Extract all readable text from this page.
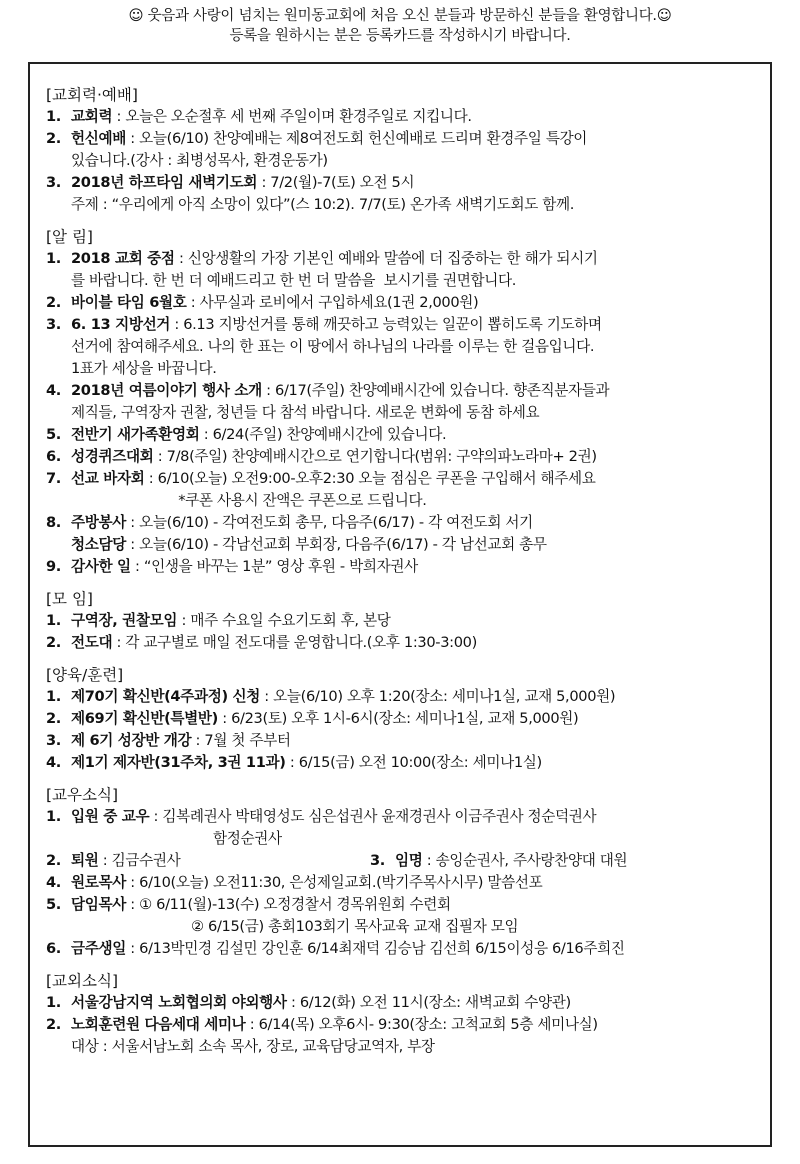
☺ 웃음과 사랑이 넘치는 원미동교회에 처음 오신 분들과 방문하신 분들을 환영합니다.☺
등록을 원하시는 분은 등록카드를 작성하시기 바랍니다.
[교회력·예배]
1. 교회력 : 오늘은 오순절후 세 번째 주일이며 환경주일로 지킵니다.
2. 헌신예배 : 오늘(6/10) 찬양예배는 제8여전도회 헌신예배로 드리며 환경주일 특강이
있습니다.(강사 : 최병성목사, 환경운동가)
3. 2018년 하프타임 새벽기도회 : 7/2(월)-7(토) 오전 5시
주제 : “우리에게 아직 소망이 있다”(스 10:2). 7/7(토) 온가족 새벽기도회도 함께.
[알 림]
1. 2018 교회 중점 : 신앙생활의 가장 기본인 예배와 말씀에 더 집중하는 한 해가 되시기
를 바랍니다. 한 번 더 예배드리고 한 번 더 말씀을  보시기를 권면합니다.
2. 바이블 타임 6월호 : 사무실과 로비에서 구입하세요(1권 2,000원)
3. 6. 13 지방선거 : 6.13 지방선거를 통해 깨끗하고 능력있는 일꾼이 뽑히도록 기도하며
선거에 참여해주세요. 나의 한 표는 이 땅에서 하나님의 나라를 이루는 한 걸음입니다.
1표가 세상을 바꿉니다.
4. 2018년 여름이야기 행사 소개 : 6/17(주일) 찬양예배시간에 있습니다. 향존직분자들과
제직들, 구역장자 권찰, 청년들 다 참석 바랍니다. 새로운 변화에 동참 하세요
5. 전반기 새가족환영회 : 6/24(주일) 찬양예배시간에 있습니다.
6. 성경퀴즈대회 : 7/8(주일) 찬양예배시간으로 연기합니다(범위: 구약의파노라마+ 2권)
7. 선교 바자회 : 6/10(오늘) 오전9:00-오후2:30 오늘 점심은 쿠폰을 구입해서 해주세요
*쿠폰 사용시 잔액은 쿠폰으로 드립니다.
8. 주방봉사 : 오늘(6/10) - 각여전도회 총무, 다음주(6/17) - 각 여전도회 서기
청소담당 : 오늘(6/10) - 각남선교회 부회장, 다음주(6/17) - 각 남선교회 총무
9. 감사한 일 : “인생을 바꾸는 1분” 영상 후원 - 박희자권사
[모 임]
1. 구역장, 권찰모임 : 매주 수요일 수요기도회 후, 본당
2. 전도대 : 각 교구별로 매일 전도대를 운영합니다.(오후 1:30-3:00)
[양육/훈련]
1. 제70기 확신반(4주과정) 신청 : 오늘(6/10) 오후 1:20(장소: 세미나1실, 교재 5,000원)
2. 제69기 확신반(특별반) : 6/23(토) 오후 1시-6시(장소: 세미나1실, 교재 5,000원)
3. 제 6기 성장반 개강 : 7월 첫 주부터
4. 제1기 제자반(31주차, 3권 11과) : 6/15(금) 오전 10:00(장소: 세미나1실)
[교우소식]
1. 입원 중 교우 : 김복례권사 박태영성도 심은섭권사 윤재경권사 이금주권사 정순덕권사
함정순권사
2. 퇴원 : 김금수권사	3. 임명 : 송잉순권사, 주사랑찬양대 대원
4. 원로목사 : 6/10(오늘) 오전11:30, 은성제일교회.(박기주목사시무) 말씀선포
5. 담임목사 : ① 6/11(월)-13(수) 오정경찰서 경목위원회 수련회
② 6/15(금) 총회103회기 목사교육 교재 집필자 모임
6. 금주생일 : 6/13박민경 김설민 강인훈 6/14최재덕 김승남 김선희 6/15이성응 6/16주희진
[교외소식]
1. 서울강남지역 노회협의회 야외행사 : 6/12(화) 오전 11시(장소: 새벽교회 수양관)
2. 노회훈련원 다음세대 세미나 : 6/14(목) 오후6시- 9:30(장소: 고척교회 5층 세미나실)
대상 : 서울서남노회 소속 목사, 장로, 교육담당교역자, 부장
